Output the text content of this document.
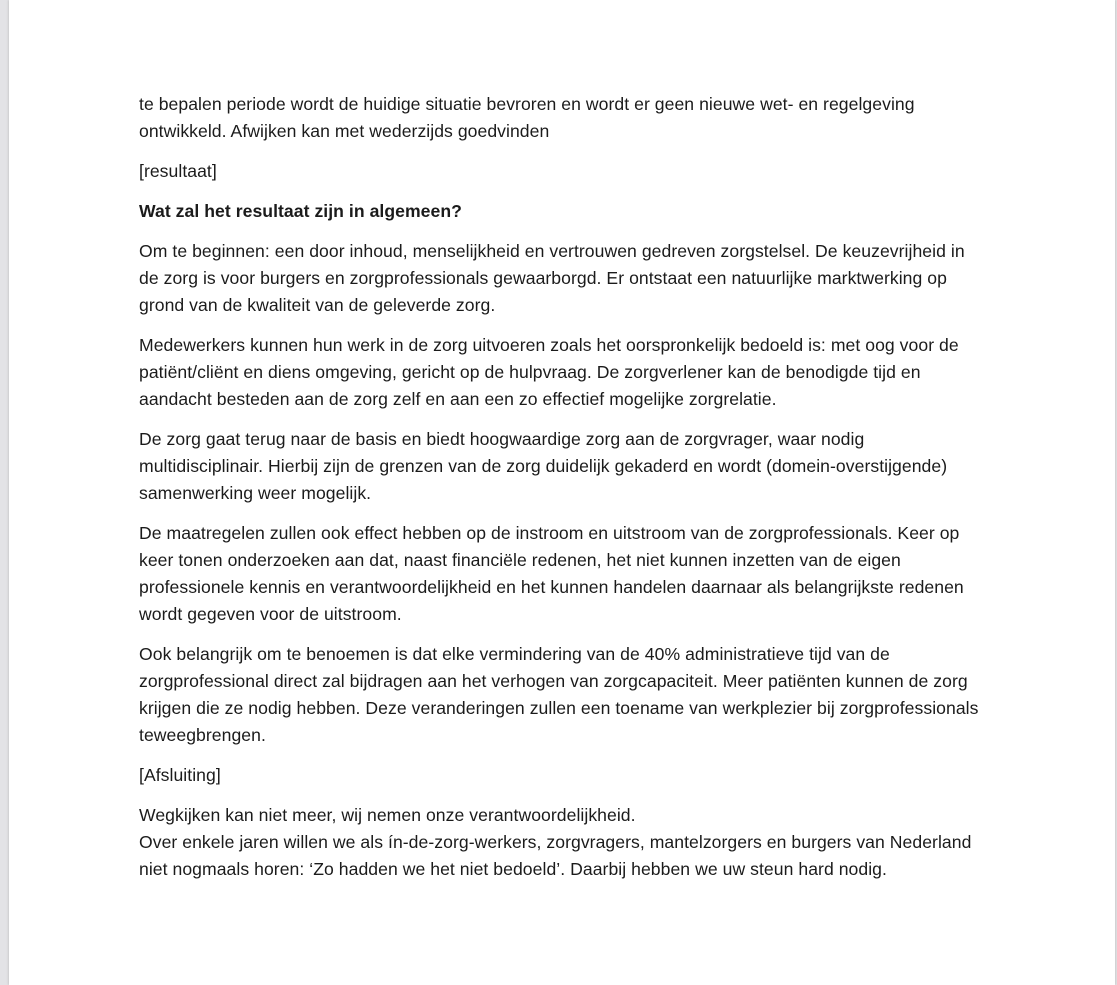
te bepalen periode wordt de huidige situatie bevroren en wordt er geen nieuwe wet- en regelgeving ontwikkeld. Afwijken kan met wederzijds goedvinden

[resultaat]

Wat zal het resultaat zijn in algemeen?

Om te beginnen: een door inhoud, menselijkheid en vertrouwen gedreven zorgstelsel. De keuzevrijheid in de zorg is voor burgers en zorgprofessionals gewaarborgd. Er ontstaat een natuurlijke marktwerking op grond van de kwaliteit van de geleverde zorg.

Medewerkers kunnen hun werk in de zorg uitvoeren zoals het oorspronkelijk bedoeld is: met oog voor de patiënt/cliënt en diens omgeving, gericht op de hulpvraag. De zorgverlener kan de benodigde tijd en aandacht besteden aan de zorg zelf en aan een zo effectief mogelijke zorgrelatie.

De zorg gaat terug naar de basis en biedt hoogwaardige zorg aan de zorgvrager, waar nodig multidisciplinair. Hierbij zijn de grenzen van de zorg duidelijk gekaderd en wordt (domein-overstijgende) samenwerking weer mogelijk.

De maatregelen zullen ook effect hebben op de instroom en uitstroom van de zorgprofessionals. Keer op keer tonen onderzoeken aan dat, naast financiële redenen, het niet kunnen inzetten van de eigen professionele kennis en verantwoordelijkheid en het kunnen handelen daarnaar als belangrijkste redenen wordt gegeven voor de uitstroom.

Ook belangrijk om te benoemen is dat elke vermindering van de 40% administratieve tijd van de zorgprofessional direct zal bijdragen aan het verhogen van zorgcapaciteit. Meer patiënten kunnen de zorg krijgen die ze nodig hebben. Deze veranderingen zullen een toename van werkplezier bij zorgprofessionals teweegbrengen.

[Afsluiting]

Wegkijken kan niet meer, wij nemen onze verantwoordelijkheid.

Over enkele jaren willen we als ín-de-zorg-werkers, zorgvragers, mantelzorgers en burgers van Nederland niet nogmaals horen: ‘Zo hadden we het niet bedoeld’. Daarbij hebben we uw steun hard nodig.
